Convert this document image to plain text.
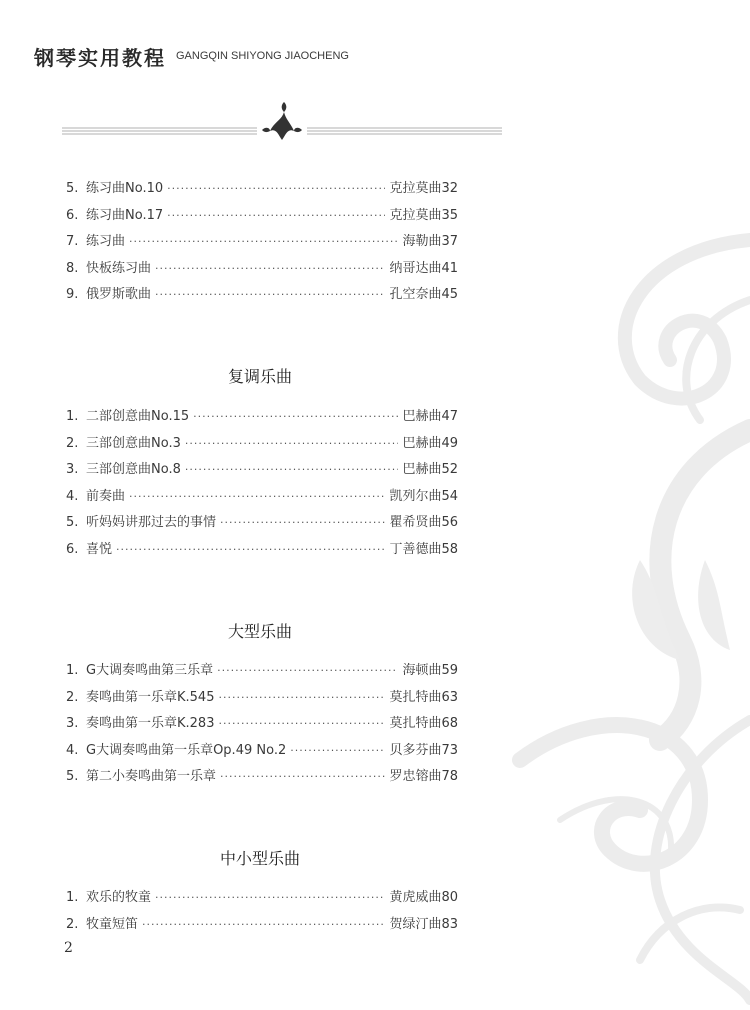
钢琴实用教程 GANGQIN SHIYONG JIAOCHENG
5. 练习曲No.10 ·····	克拉莫曲 32
6. 练习曲No.17 ·····	克拉莫曲 35
7. 练习曲 ·····	海勒曲 37
8. 快板练习曲 ·····	纳哥达曲 41
9. 俄罗斯歌曲 ·····	孔空奈曲 45
复调乐曲
1. 二部创意曲No.15 ·····	巴赫曲 47
2. 三部创意曲No.3 ·····	巴赫曲 49
3. 三部创意曲No.8 ·····	巴赫曲 52
4. 前奏曲 ·····	凯列尔曲 54
5. 听妈妈讲那过去的事情 ·····	瞿希贤曲 56
6. 喜悦 ·····	丁善德曲 58
大型乐曲
1. G大调奏鸣曲第三乐章 ·····	海顿曲 59
2. 奏鸣曲第一乐章K.545 ·····	莫扎特曲 63
3. 奏鸣曲第一乐章K.283 ·····	莫扎特曲 68
4. G大调奏鸣曲第一乐章Op.49 No.2 ·····	贝多芬曲 73
5. 第二小奏鸣曲第一乐章 ·····	罗忠镕曲 78
中小型乐曲
1. 欢乐的牧童 ·····	黄虎威曲 80
2. 牧童短笛 ·····	贺绿汀曲 83
2
